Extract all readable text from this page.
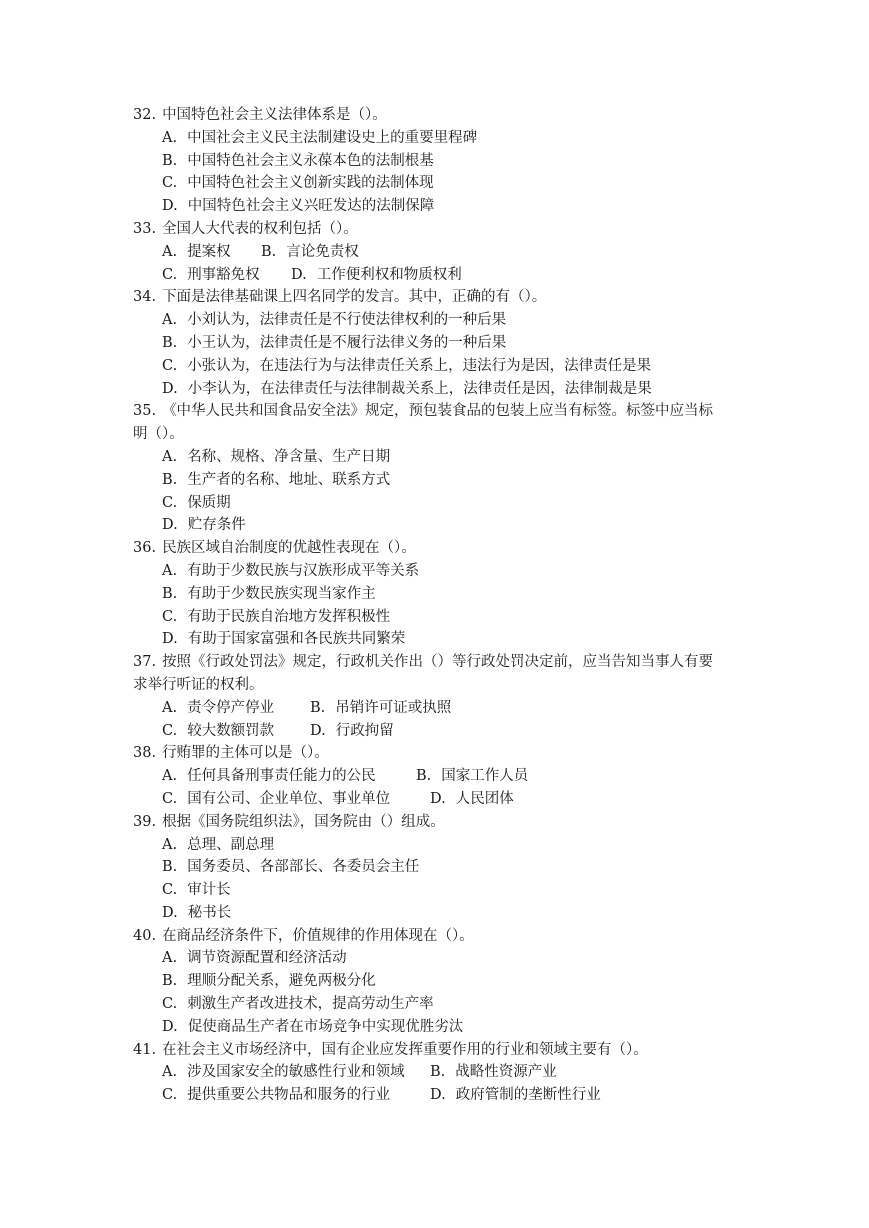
32. 中国特色社会主义法律体系是（）。
A. 中国社会主义民主法制建设史上的重要里程碑
B. 中国特色社会主义永葆本色的法制根基
C. 中国特色社会主义创新实践的法制体现
D. 中国特色社会主义兴旺发达的法制保障
33. 全国人大代表的权利包括（）。
A. 提案权	B. 言论免责权
C. 刑事豁免权	D. 工作便利权和物质权利
34. 下面是法律基础课上四名同学的发言。其中，正确的有（）。
A. 小刘认为，法律责任是不行使法律权利的一种后果
B. 小王认为，法律责任是不履行法律义务的一种后果
C. 小张认为，在违法行为与法律责任关系上，违法行为是因，法律责任是果
D. 小李认为，在法律责任与法律制裁关系上，法律责任是因，法律制裁是果
35. 《中华人民共和国食品安全法》规定，预包装食品的包装上应当有标签。标签中应当标
明（）。
A. 名称、规格、净含量、生产日期
B. 生产者的名称、地址、联系方式
C. 保质期
D. 贮存条件
36. 民族区域自治制度的优越性表现在（）。
A. 有助于少数民族与汉族形成平等关系
B. 有助于少数民族实现当家作主
C. 有助于民族自治地方发挥积极性
D. 有助于国家富强和各民族共同繁荣
37. 按照《行政处罚法》规定，行政机关作出（）等行政处罚决定前，应当告知当事人有要
求举行听证的权利。
A. 责令停产停业	B. 吊销许可证或执照
C. 较大数额罚款	D. 行政拘留
38. 行贿罪的主体可以是（）。
A. 任何具备刑事责任能力的公民	B. 国家工作人员
C. 国有公司、企业单位、事业单位	D. 人民团体
39. 根据《国务院组织法》，国务院由（）组成。
A. 总理、副总理
B. 国务委员、各部部长、各委员会主任
C. 审计长
D. 秘书长
40. 在商品经济条件下，价值规律的作用体现在（）。
A. 调节资源配置和经济活动
B. 理顺分配关系，避免两极分化
C. 刺激生产者改进技术，提高劳动生产率
D. 促使商品生产者在市场竞争中实现优胜劣汰
41. 在社会主义市场经济中，国有企业应发挥重要作用的行业和领域主要有（）。
A. 涉及国家安全的敏感性行业和领域	B. 战略性资源产业
C. 提供重要公共物品和服务的行业	D. 政府管制的垄断性行业
